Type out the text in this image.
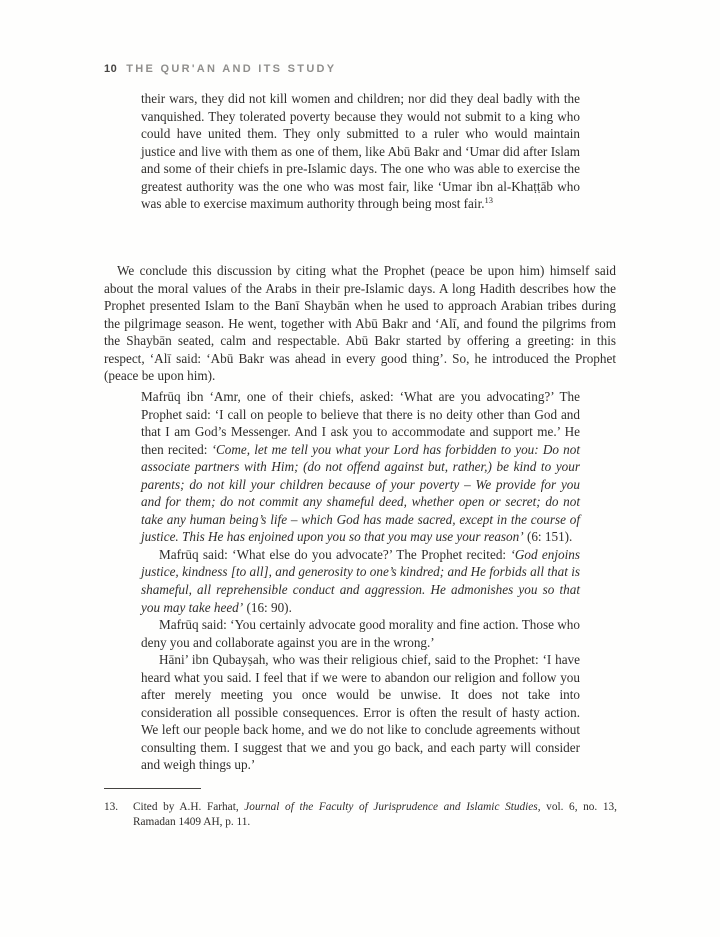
10 THE QUR'AN AND ITS STUDY

their wars, they did not kill women and children; nor did they deal badly with the vanquished. They tolerated poverty because they would not submit to a king who could have united them. They only submitted to a ruler who would maintain justice and live with them as one of them, like Abū Bakr and ‘Umar did after Islam and some of their chiefs in pre-Islamic days. The one who was able to exercise the greatest authority was the one who was most fair, like ‘Umar ibn al-Khaṭṭāb who was able to exercise maximum authority through being most fair.$^{13}$

We conclude this discussion by citing what the Prophet (peace be upon him) himself said about the moral values of the Arabs in their pre-Islamic days. A long Hadith describes how the Prophet presented Islam to the Banī Shaybān when he used to approach Arabian tribes during the pilgrimage season. He went, together with Abū Bakr and ‘Alī, and found the pilgrims from the Shaybān seated, calm and respectable. Abū Bakr started by offering a greeting: in this respect, ‘Alī said: ‘Abū Bakr was ahead in every good thing’. So, he introduced the Prophet (peace be upon him).

Mafrūq ibn ‘Amr, one of their chiefs, asked: ‘What are you advocating?’ The Prophet said: ‘I call on people to believe that there is no deity other than God and that I am God’s Messenger. And I ask you to accommodate and support me.’ He then recited: ‘Come, let me tell you what your Lord has forbidden to you: Do not associate partners with Him; (do not offend against but, rather,) be kind to your parents; do not kill your children because of your poverty – We provide for you and for them; do not commit any shameful deed, whether open or secret; do not take any human being’s life – which God has made sacred, except in the course of justice. This He has enjoined upon you so that you may use your reason’ (6: 151).

Mafrūq said: ‘What else do you advocate?’ The Prophet recited: ‘God enjoins justice, kindness [to all], and generosity to one’s kindred; and He forbids all that is shameful, all reprehensible conduct and aggression. He admonishes you so that you may take heed’ (16: 90).

Mafrūq said: ‘You certainly advocate good morality and fine action. Those who deny you and collaborate against you are in the wrong.’

Hāni’ ibn Qubayṣah, who was their religious chief, said to the Prophet: ‘I have heard what you said. I feel that if we were to abandon our religion and follow you after merely meeting you once would be unwise. It does not take into consideration all possible consequences. Error is often the result of hasty action. We left our people back home, and we do not like to conclude agreements without consulting them. I suggest that we and you go back, and each party will consider and weigh things up.’

13.	Cited by A.H. Farhat, Journal of the Faculty of Jurisprudence and Islamic Studies, vol. 6, no. 13, Ramadan 1409 AH, p. 11.
